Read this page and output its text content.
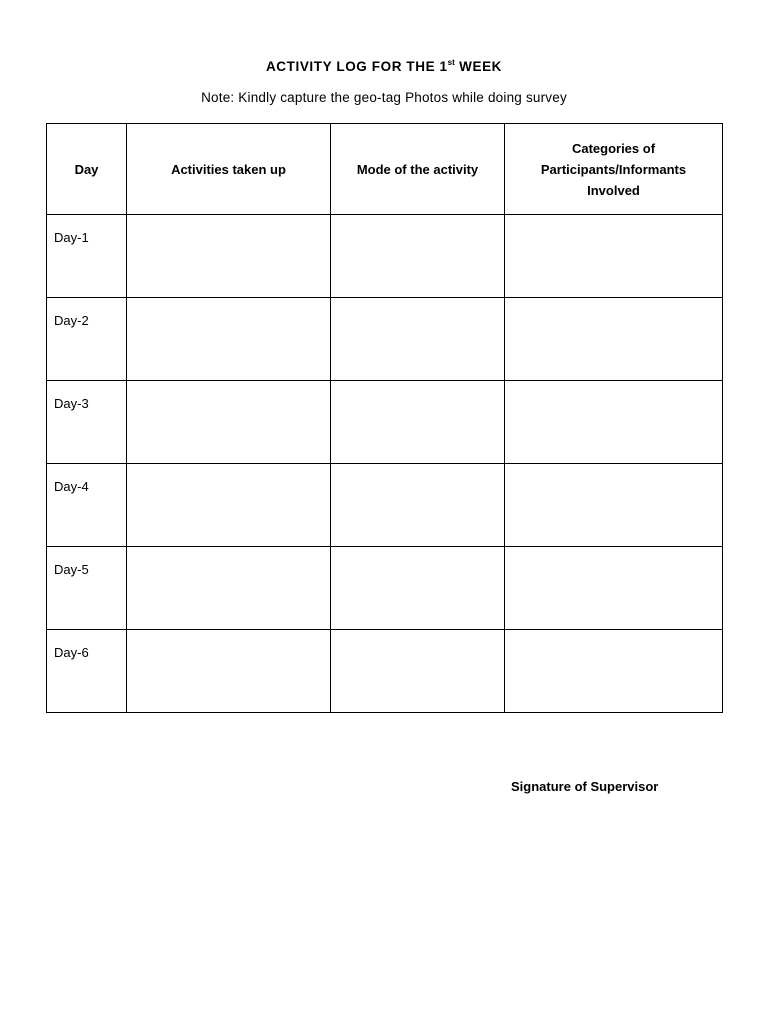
ACTIVITY LOG FOR THE 1st WEEK
Note: Kindly capture the geo-tag Photos while doing survey
Day	Activities taken up	Mode of the activity	Categories of Participants/Informants Involved

Day-1			
Day-2			
Day-3			
Day-4			
Day-5			
Day-6			
Signature of Supervisor
